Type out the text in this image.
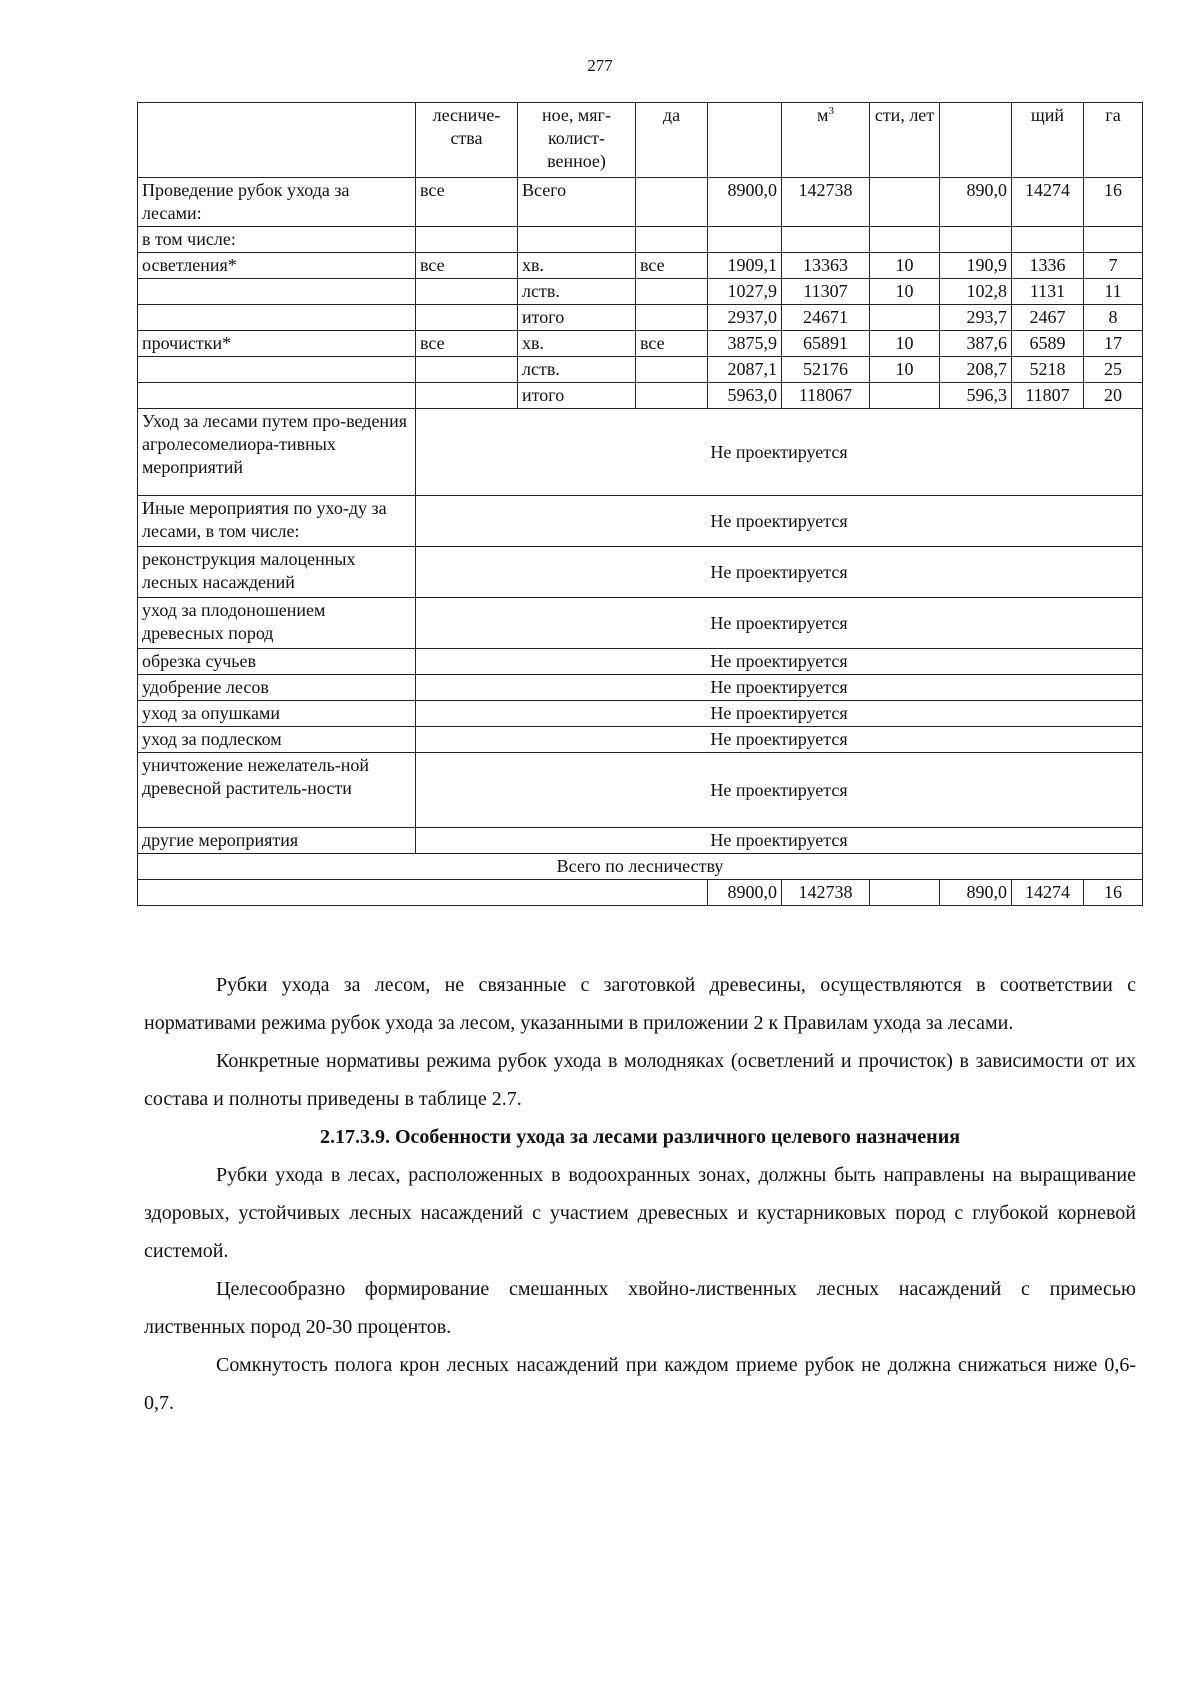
277
	лесниче-ства	ное, мяг-колист-венное)	да		$м^3$	сти, лет		щий	га
Проведение рубок ухода за лесами:	все	Всего		8900,0	142738		890,0	14274	16
в том числе:									
осветления*	все	хв.	все	1909,1	13363	10	190,9	1336	7
		лств.		1027,9	11307	10	102,8	1131	11
		итого		2937,0	24671		293,7	2467	8
прочистки*	все	хв.	все	3875,9	65891	10	387,6	6589	17
		лств.		2087,1	52176	10	208,7	5218	25
		итого		5963,0	118067		596,3	11807	20
Уход за лесами путем про-ведения агролесомелиора-тивных мероприятий	Не проектируется								
Иные мероприятия по ухо-ду за лесами, в том числе:	Не проектируется								
реконструкция малоценных лесных насаждений	Не проектируется								
уход за плодоношением древесных пород	Не проектируется								
обрезка сучьев	Не проектируется								
удобрение лесов	Не проектируется								
уход за опушками	Не проектируется								
уход за подлеском	Не проектируется								
уничтожение нежелатель-ной древесной раститель-ности	Не проектируется								
другие мероприятия	Не проектируется								
Всего по лесничеству									
				8900,0	142738		890,0	14274	16

Рубки ухода за лесом, не связанные с заготовкой древесины, осуществляются в соответствии с нормативами режима рубок ухода за лесом, указанными в приложении 2 к Правилам ухода за лесами.

Конкретные нормативы режима рубок ухода в молодняках (осветлений и прочисток) в зависимости от их состава и полноты приведены в таблице 2.7.

2.17.3.9. Особенности ухода за лесами различного целевого назначения

Рубки ухода в лесах, расположенных в водоохранных зонах, должны быть направлены на выращивание здоровых, устойчивых лесных насаждений с участием древесных и кустарниковых пород с глубокой корневой системой.

Целесообразно формирование смешанных хвойно-лиственных лесных насаждений с примесью лиственных пород 20-30 процентов.

Сомкнутость полога крон лесных насаждений при каждом приеме рубок не должна снижаться ниже 0,6-0,7.
